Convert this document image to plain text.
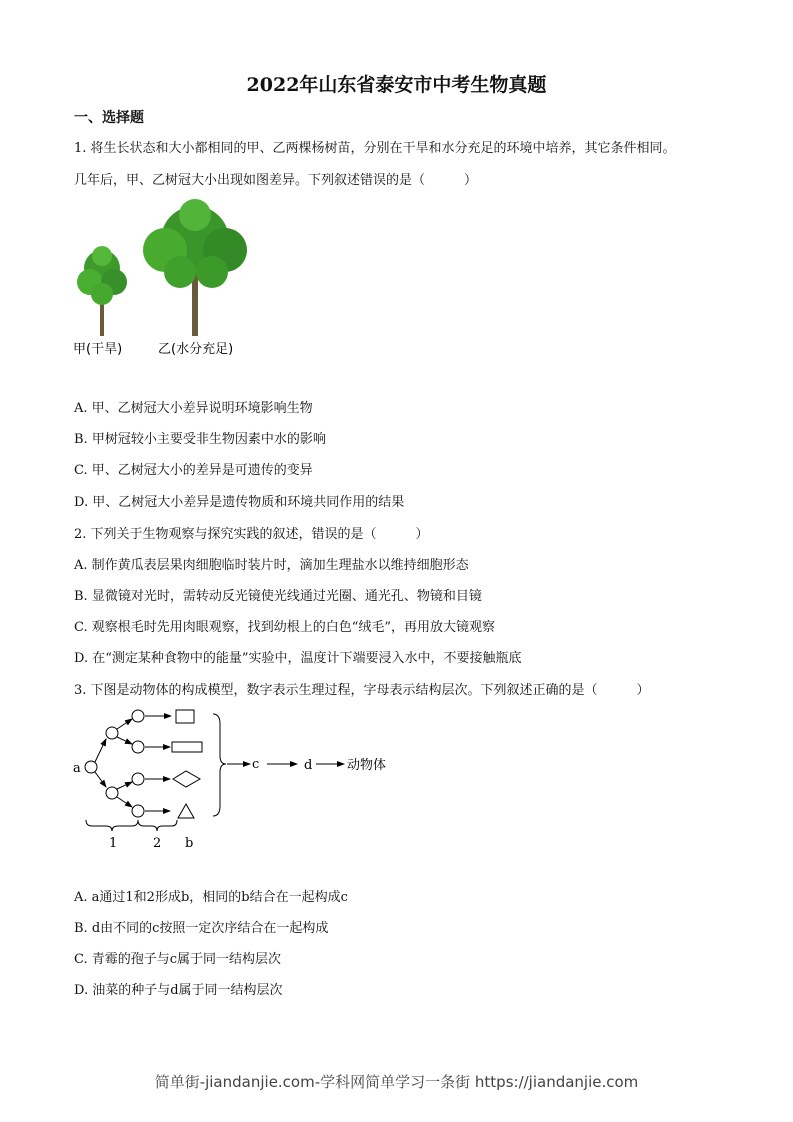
2022年山东省泰安市中考生物真题
一、选择题
1. 将生长状态和大小都相同的甲、乙两棵杨树苗，分别在干旱和水分充足的环境中培养，其它条件相同。
几年后，甲、乙树冠大小出现如图差异。下列叙述错误的是（　　　）
甲(干旱)	乙(水分充足)
a	c	d	动物体
1	2 b
A. 甲、乙树冠大小差异说明环境影响生物
B. 甲树冠较小主要受非生物因素中水的影响
C. 甲、乙树冠大小的差异是可遗传的变异
D. 甲、乙树冠大小差异是遗传物质和环境共同作用的结果
2. 下列关于生物观察与探究实践的叙述，错误的是（　　　）
A. 制作黄瓜表层果肉细胞临时装片时，滴加生理盐水以维持细胞形态
B. 显微镜对光时，需转动反光镜使光线通过光圈、通光孔、物镜和目镜
C. 观察根毛时先用肉眼观察，找到幼根上的白色“绒毛”，再用放大镜观察
D. 在“测定某种食物中的能量”实验中，温度计下端要浸入水中，不要接触瓶底
3. 下图是动物体的构成模型，数字表示生理过程，字母表示结构层次。下列叙述正确的是（　　　）
A. a通过1和2形成b，相同的b结合在一起构成c
B. d由不同的c按照一定次序结合在一起构成
C. 青霉的孢子与c属于同一结构层次
D. 油菜的种子与d属于同一结构层次
简单街-jiandanjie.com-学科网简单学习一条街 https://jiandanjie.com
